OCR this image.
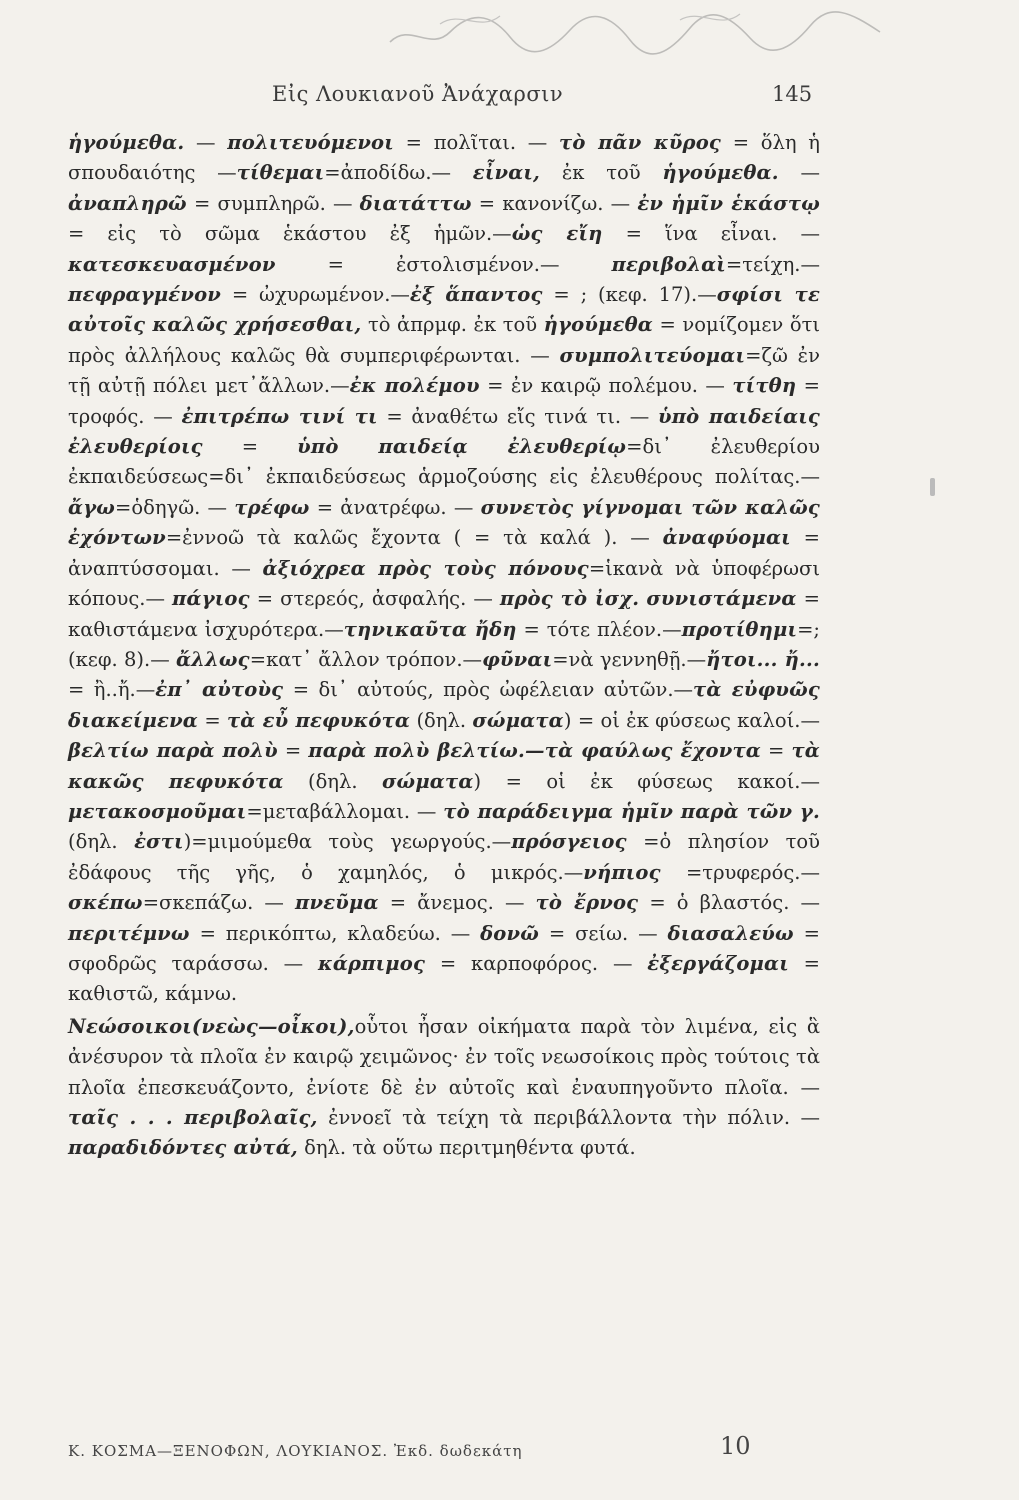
Εἰς Λουκιανοῦ Ἀνάχαρσιν	145

ἡγούμεθα. — πολιτευόμενοι = πολῖται. — τὸ πᾶν κῦρος = ὅλη ἡ σπουδαιότης —τίθεμαι=ἀποδίδω.— εἶναι, ἐκ τοῦ ἡγούμεθα. — ἀναπληρῶ = συμπληρῶ. — διατάττω = κανονίζω. — ἐν ἡμῖν ἑκάστῳ = εἰς τὸ σῶμα ἑκάστου ἐξ ἡμῶν.—ὡς εἴη = ἵνα εἶναι. — κατεσκευασμένον = ἐστολισμένον.— περιβολαὶ=τείχη.—πεφραγμένον = ὠχυρωμένον.—ἐξ ἅπαντος = ; (κεφ. 17).—σφίσι τε αὐτοῖς καλῶς χρήσεσθαι, τὸ ἀπρμφ. ἐκ τοῦ ἡγούμεθα = νομίζομεν ὅτι πρὸς ἀλλήλους καλῶς θὰ συμπεριφέρωνται. — συμπολιτεύομαι=ζῶ ἐν τῇ αὐτῇ πόλει μετ᾽ἄλλων.—ἐκ πολέμου = ἐν καιρῷ πολέμου. — τίτθη = τροφός. — ἐπιτρέπω τινί τι = ἀναθέτω εἴς τινά τι. — ὑπὸ παιδείαις ἐλευθερίοις = ὑπὸ παιδείᾳ ἐλευθερίῳ=δι᾽ ἐλευθερίου ἐκπαιδεύσεως=δι᾽ ἐκπαιδεύσεως ἁρμοζούσης εἰς ἐλευθέρους πολίτας.—ἄγω=ὁδηγῶ. — τρέφω = ἀνατρέφω. — συνετὸς γίγνομαι τῶν καλῶς ἐχόντων=ἐννοῶ τὰ καλῶς ἔχοντα ( = τὰ καλά ). — ἀναφύομαι = ἀναπτύσσομαι. — ἀξιόχρεα πρὸς τοὺς πόνους=ἱκανὰ νὰ ὑποφέρωσι κόπους.— πάγιος = στερεός, ἀσφαλής. — πρὸς τὸ ἰσχ. συνιστάμενα = καθιστάμενα ἰσχυρότερα.—τηνικαῦτα ἤδη = τότε πλέον.—προτίθημι=; (κεφ. 8).— ἄλλως=κατ᾽ ἄλλον τρόπον.—φῦναι=νὰ γεννηθῇ.—ἤτοι... ἤ... = ἢ..ἤ.—ἐπ᾽ αὐτοὺς = δι᾽ αὐτούς, πρὸς ὠφέλειαν αὐτῶν.—τὰ εὐφυῶς διακείμενα = τὰ εὖ πεφυκότα (δηλ. σώματα) = οἱ ἐκ φύσεως καλοί.—βελτίω παρὰ πολὺ = παρὰ πολὺ βελτίω.—τὰ φαύλως ἔχοντα = τὰ κακῶς πεφυκότα (δηλ. σώματα) = οἱ ἐκ φύσεως κακοί.—μετακοσμοῦμαι=μεταβάλλομαι. — τὸ παράδειγμα ἡμῖν παρὰ τῶν γ. (δηλ. ἐστι)=μιμούμεθα τοὺς γεωργούς.—πρόσγειος =ὁ πλησίον τοῦ ἐδάφους τῆς γῆς, ὁ χαμηλός, ὁ μικρός.—νήπιος =τρυφερός.—σκέπω=σκεπάζω. — πνεῦμα = ἄνεμος. — τὸ ἔρνος = ὁ βλαστός. — περιτέμνω = περικόπτω, κλαδεύω. — δονῶ = σείω. — διασαλεύω = σφοδρῶς ταράσσω. — κάρπιμος = καρποφόρος. — ἐξεργάζομαι = καθιστῶ, κάμνω.

Νεώσοικοι(νεὼς—οἶκοι),οὗτοι ἦσαν οἰκήματα παρὰ τὸν λιμένα, εἰς ἃ ἀνέσυρον τὰ πλοῖα ἐν καιρῷ χειμῶνος· ἐν τοῖς νεωσοίκοις πρὸς τούτοις τὰ πλοῖα ἐπεσκευάζοντο, ἐνίοτε δὲ ἐν αὐτοῖς καὶ ἐναυπηγοῦντο πλοῖα. — ταῖς . . . περιβολαῖς, ἐννοεῖ τὰ τείχη τὰ περιβάλλοντα τὴν πόλιν. — παραδιδόντες αὐτά, δηλ. τὰ οὕτω περιτμηθέντα φυτά.

Κ. ΚΟΣΜΑ—ΞΕΝΟΦΩΝ, ΛΟΥΚΙΑΝΟΣ. Ἐκδ. δωδεκάτη	10
